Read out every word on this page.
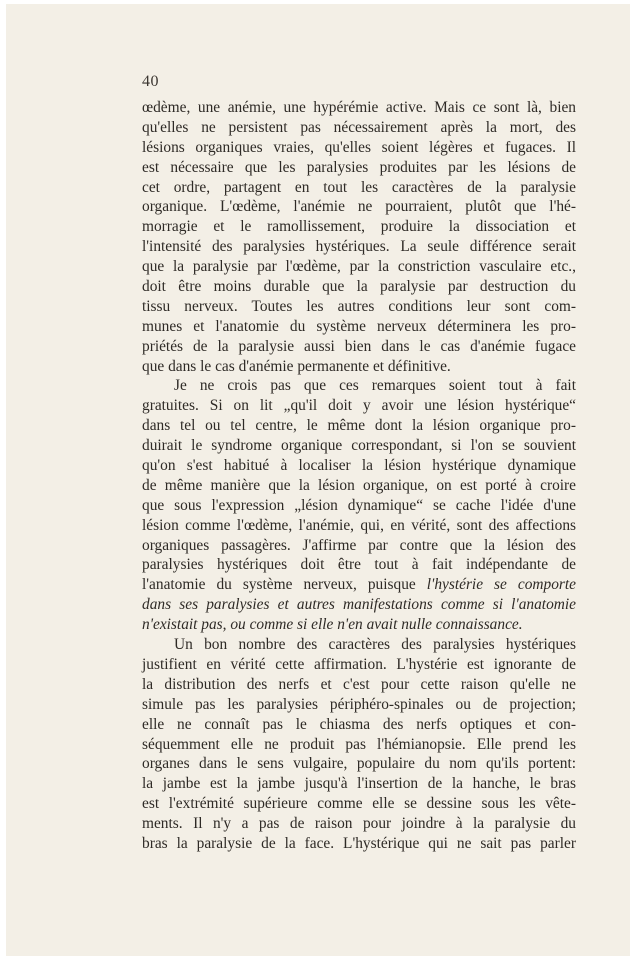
40
œdème, une anémie, une hypérémie active. Mais ce sont là, bien
qu'elles ne persistent pas nécessairement après la mort, des
lésions organiques vraies, qu'elles soient légères et fugaces. Il
est nécessaire que les paralysies produites par les lésions de
cet ordre, partagent en tout les caractères de la paralysie
organique. L'œdème, l'anémie ne pourraient, plutôt que l'hé-
morragie et le ramollissement, produire la dissociation et
l'intensité des paralysies hystériques. La seule différence serait
que la paralysie par l'œdème, par la constriction vasculaire etc.,
doit être moins durable que la paralysie par destruction du
tissu nerveux. Toutes les autres conditions leur sont com-
munes et l'anatomie du système nerveux déterminera les pro-
priétés de la paralysie aussi bien dans le cas d'anémie fugace
que dans le cas d'anémie permanente et définitive.
Je ne crois pas que ces remarques soient tout à fait
gratuites. Si on lit „qu'il doit y avoir une lésion hystérique“
dans tel ou tel centre, le même dont la lésion organique pro-
duirait le syndrome organique correspondant, si l'on se souvient
qu'on s'est habitué à localiser la lésion hystérique dynamique
de même manière que la lésion organique, on est porté à croire
que sous l'expression „lésion dynamique“ se cache l'idée d'une
lésion comme l'œdème, l'anémie, qui, en vérité, sont des affections
organiques passagères. J'affirme par contre que la lésion des
paralysies hystériques doit être tout à fait indépendante de
l'anatomie du système nerveux, puisque l'hystérie se comporte
dans ses paralysies et autres manifestations comme si l'anatomie
n'existait pas, ou comme si elle n'en avait nulle connaissance.
Un bon nombre des caractères des paralysies hystériques
justifient en vérité cette affirmation. L'hystérie est ignorante de
la distribution des nerfs et c'est pour cette raison qu'elle ne
simule pas les paralysies périphéro-spinales ou de projection;
elle ne connaît pas le chiasma des nerfs optiques et con-
séquemment elle ne produit pas l'hémianopsie. Elle prend les
organes dans le sens vulgaire, populaire du nom qu'ils portent:
la jambe est la jambe jusqu'à l'insertion de la hanche, le bras
est l'extrémité supérieure comme elle se dessine sous les vête-
ments. Il n'y a pas de raison pour joindre à la paralysie du
bras la paralysie de la face. L'hystérique qui ne sait pas parler
